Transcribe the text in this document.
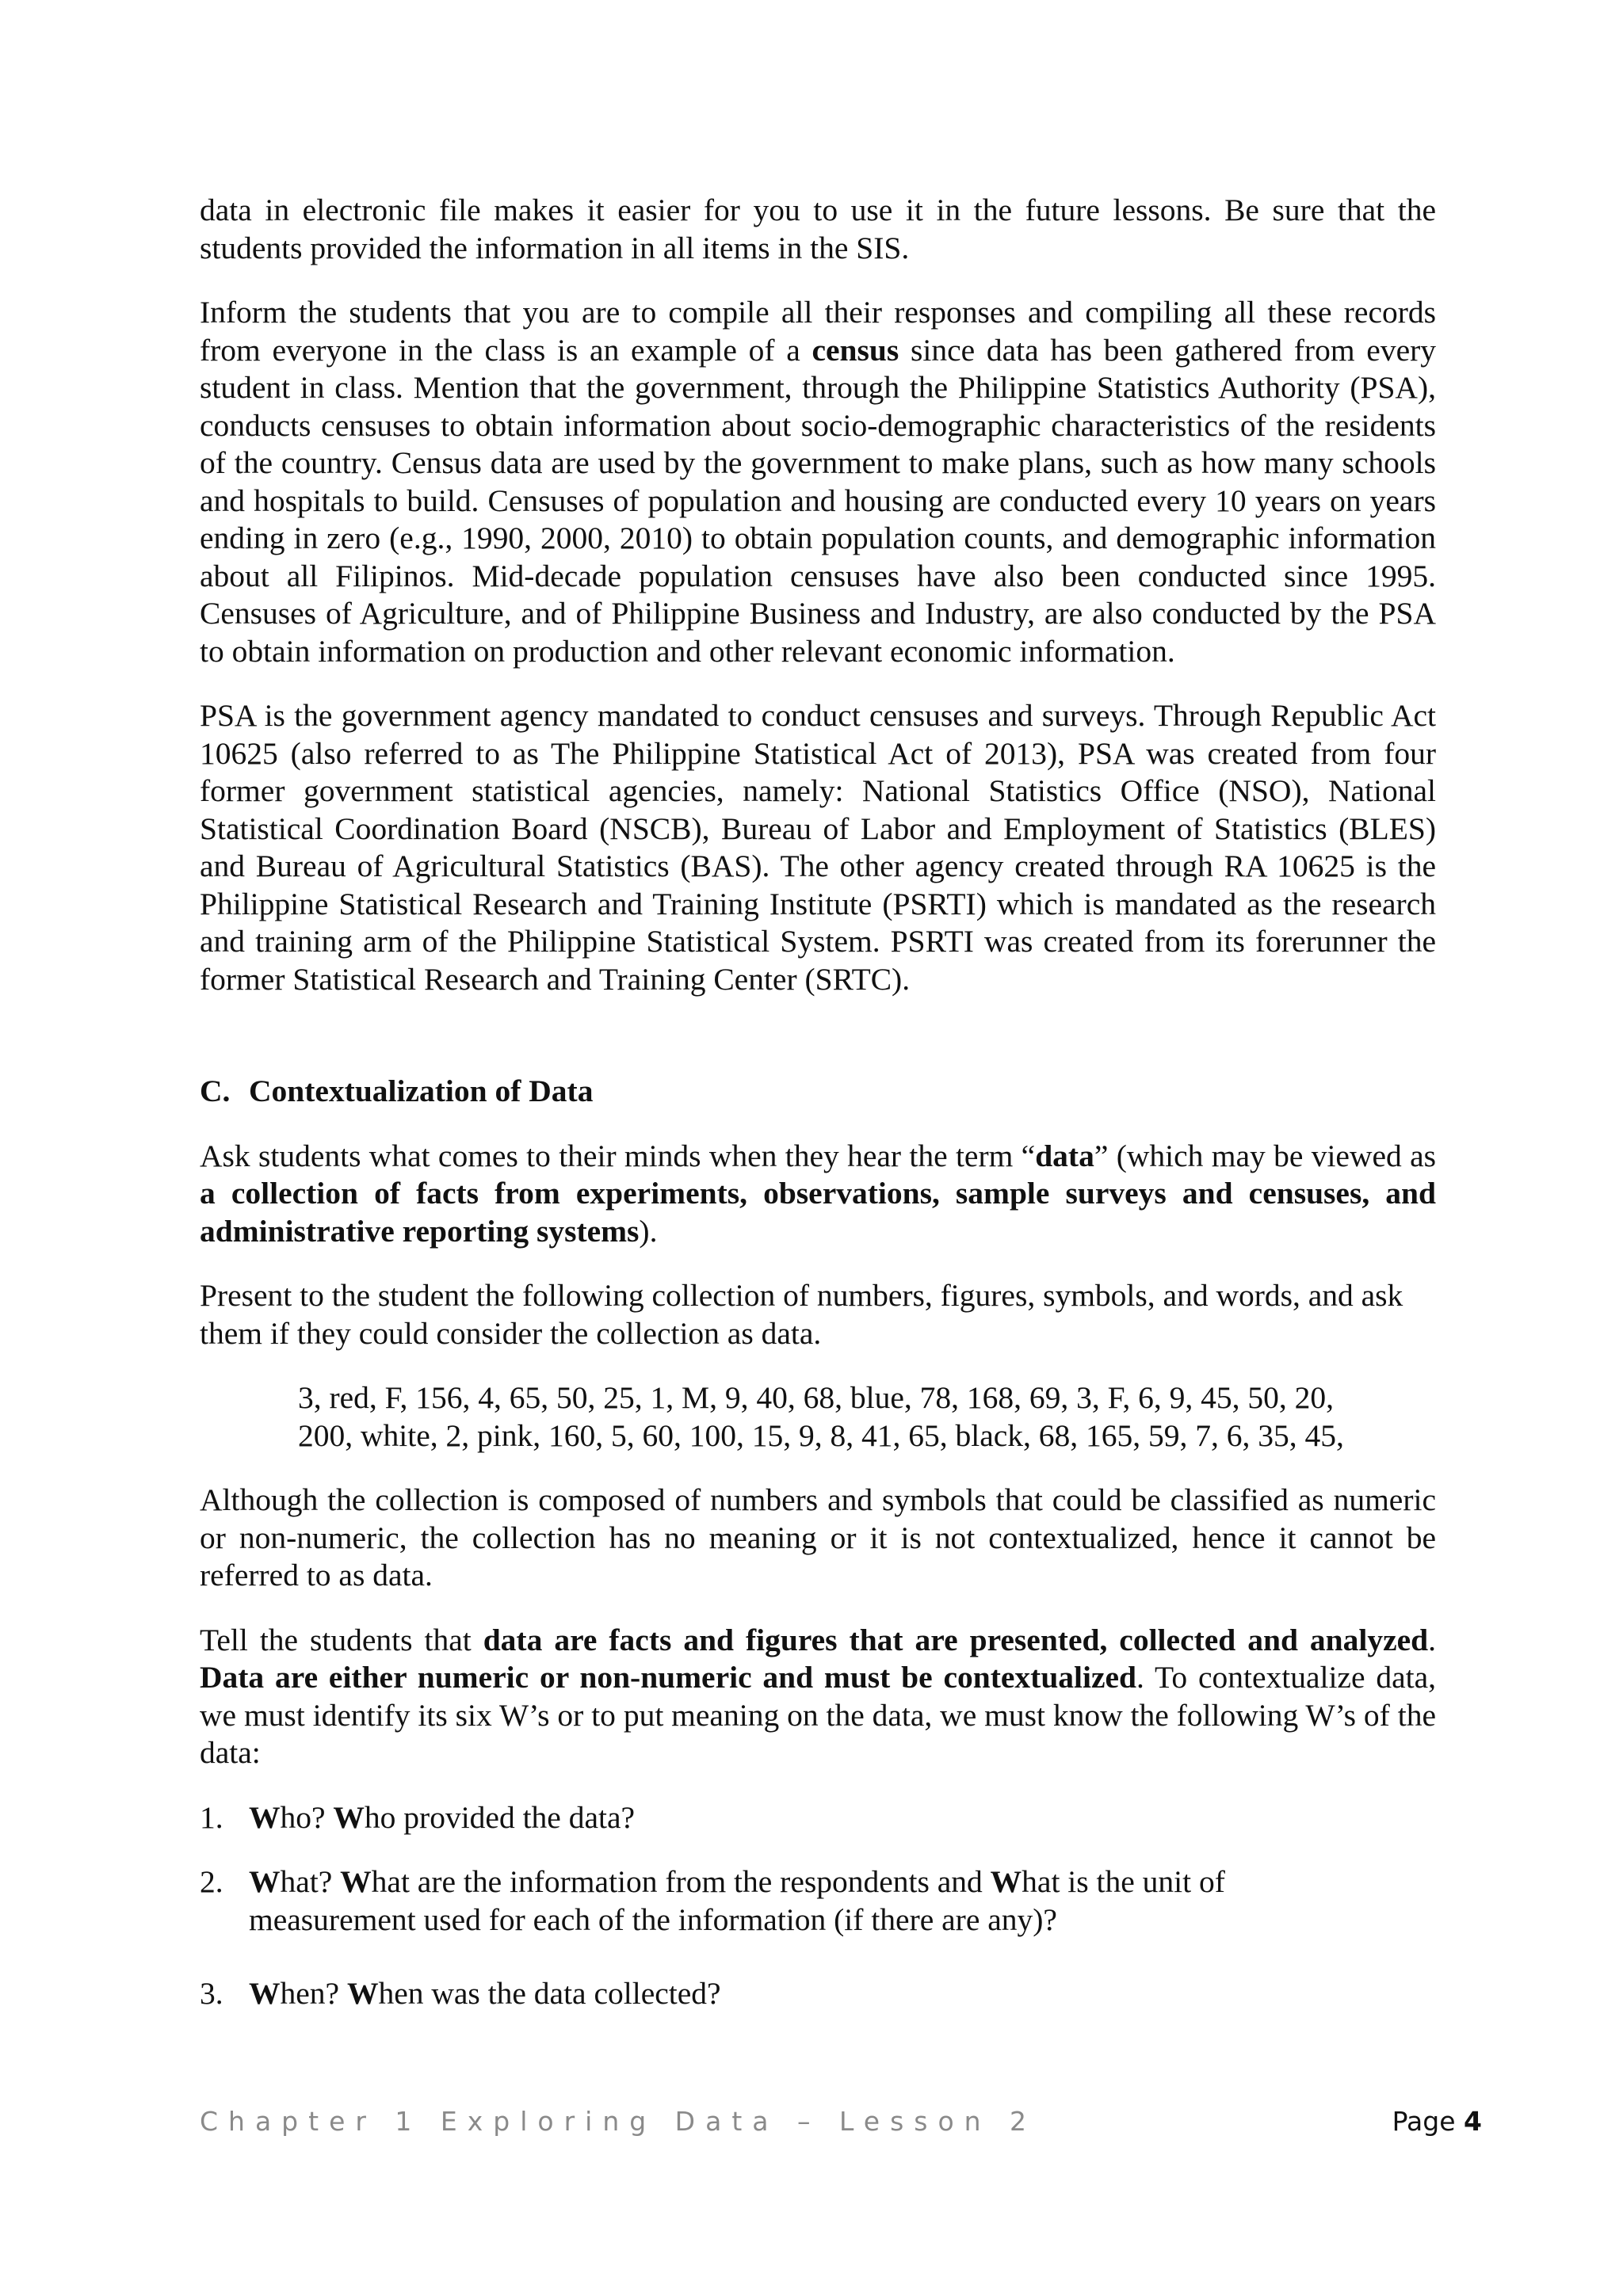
data in electronic file makes it easier for you to use it in the future lessons. Be sure that the students provided the information in all items in the SIS.

Inform the students that you are to compile all their responses and compiling all these records from everyone in the class is an example of a census since data has been gathered from every student in class. Mention that the government, through the Philippine Statistics Authority (PSA), conducts censuses to obtain information about socio-demographic characteristics of the residents of the country. Census data are used by the government to make plans, such as how many schools and hospitals to build. Censuses of population and housing are conducted every 10 years on years ending in zero (e.g., 1990, 2000, 2010) to obtain population counts, and demographic information about all Filipinos. Mid-decade population censuses have also been conducted since 1995. Censuses of Agriculture, and of Philippine Business and Industry, are also conducted by the PSA to obtain information on production and other relevant economic information.

PSA is the government agency mandated to conduct censuses and surveys. Through Republic Act 10625 (also referred to as The Philippine Statistical Act of 2013), PSA was created from four former government statistical agencies, namely: National Statistics Office (NSO), National Statistical Coordination Board (NSCB), Bureau of Labor and Employment of Statistics (BLES) and Bureau of Agricultural Statistics (BAS). The other agency created through RA 10625 is the Philippine Statistical Research and Training Institute (PSRTI) which is mandated as the research and training arm of the Philippine Statistical System. PSRTI was created from its forerunner the former Statistical Research and Training Center (SRTC).

C. Contextualization of Data

Ask students what comes to their minds when they hear the term “data” (which may be viewed as a collection of facts from experiments, observations, sample surveys and censuses, and administrative reporting systems).

Present to the student the following collection of numbers, figures, symbols, and words, and ask them if they could consider the collection as data.

3, red, F, 156, 4, 65, 50, 25, 1, M, 9, 40, 68, blue, 78, 168, 69, 3, F, 6, 9, 45, 50, 20,
200, white, 2, pink, 160, 5, 60, 100, 15, 9, 8, 41, 65, black, 68, 165, 59, 7, 6, 35, 45,

Although the collection is composed of numbers and symbols that could be classified as numeric or non-numeric, the collection has no meaning or it is not contextualized, hence it cannot be referred to as data.

Tell the students that data are facts and figures that are presented, collected and analyzed. Data are either numeric or non-numeric and must be contextualized. To contextualize data, we must identify its six W’s or to put meaning on the data, we must know the following W’s of the data:

1. Who? Who provided the data?
2. What? What are the information from the respondents and What is the unit of
measurement used for each of the information (if there are any)?
3. When? When was the data collected?
Chapter 1 Exploring Data – Lesson 2	Page 4
